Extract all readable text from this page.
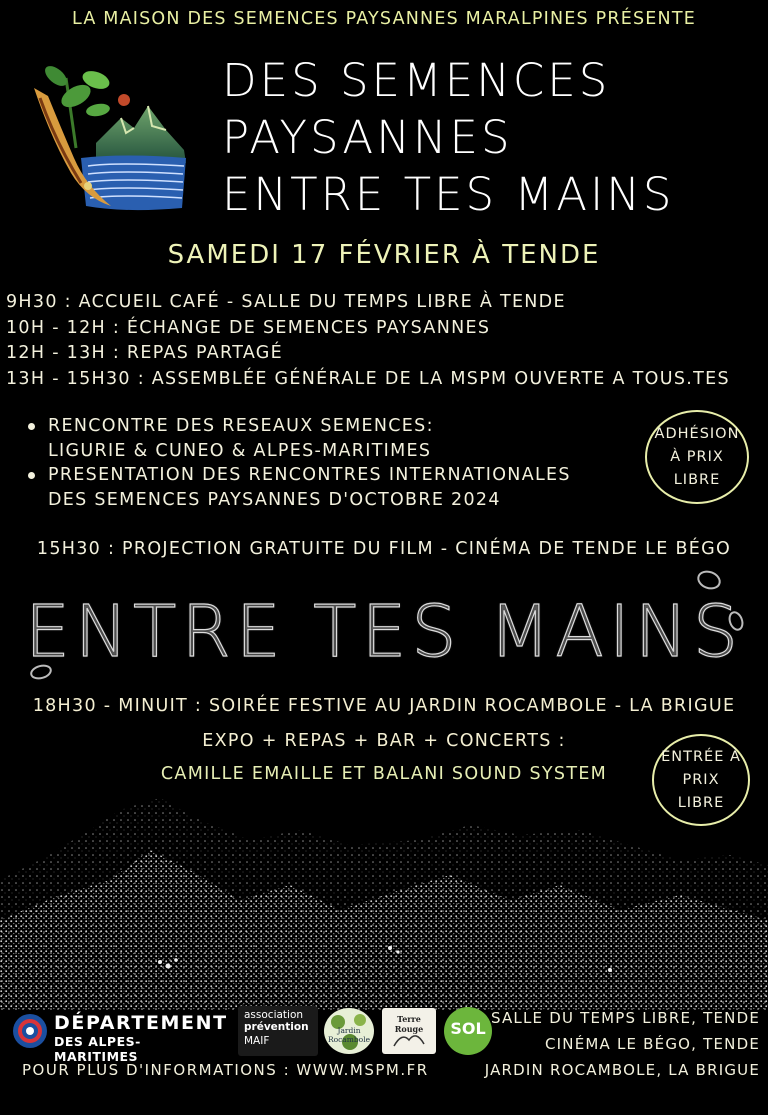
LA MAISON DES SEMENCES PAYSANNES MARALPINES PRÉSENTE
DES SEMENCES
PAYSANNES
ENTRE TES MAINS
SAMEDI 17 FÉVRIER À TENDE
9H30 : ACCUEIL CAFÉ - SALLE DU TEMPS LIBRE À TENDE
10H - 12H : ÉCHANGE DE SEMENCES PAYSANNES
12H - 13H : REPAS PARTAGÉ
13H - 15H30 : ASSEMBLÉE GÉNÉRALE DE LA MSPM OUVERTE A TOUS.TES
RENCONTRE DES RESEAUX SEMENCES:
LIGURIE & CUNEO & ALPES-MARITIMES
PRESENTATION DES RENCONTRES INTERNATIONALES
DES SEMENCES PAYSANNES D'OCTOBRE 2024
ADHÉSION
À PRIX
LIBRE
15H30 : PROJECTION GRATUITE DU FILM - CINÉMA DE TENDE LE BÉGO
ENTRE TES MAINS
18H30 - MINUIT : SOIRÉE FESTIVE AU JARDIN ROCAMBOLE - LA BRIGUE
EXPO + REPAS + BAR + CONCERTS :
CAMILLE EMAILLE ET BALANI SOUND SYSTEM
ENTRÉE À
PRIX
LIBRE
DÉPARTEMENT
DES ALPES-MARITIMES
association
prévention
MAIF
Jardin Rocambole
Terre Rouge	SOL
SALLE DU TEMPS LIBRE, TENDE
CINÉMA LE BÉGO, TENDE
JARDIN ROCAMBOLE, LA BRIGUE
POUR PLUS D'INFORMATIONS : WWW.MSPM.FR
